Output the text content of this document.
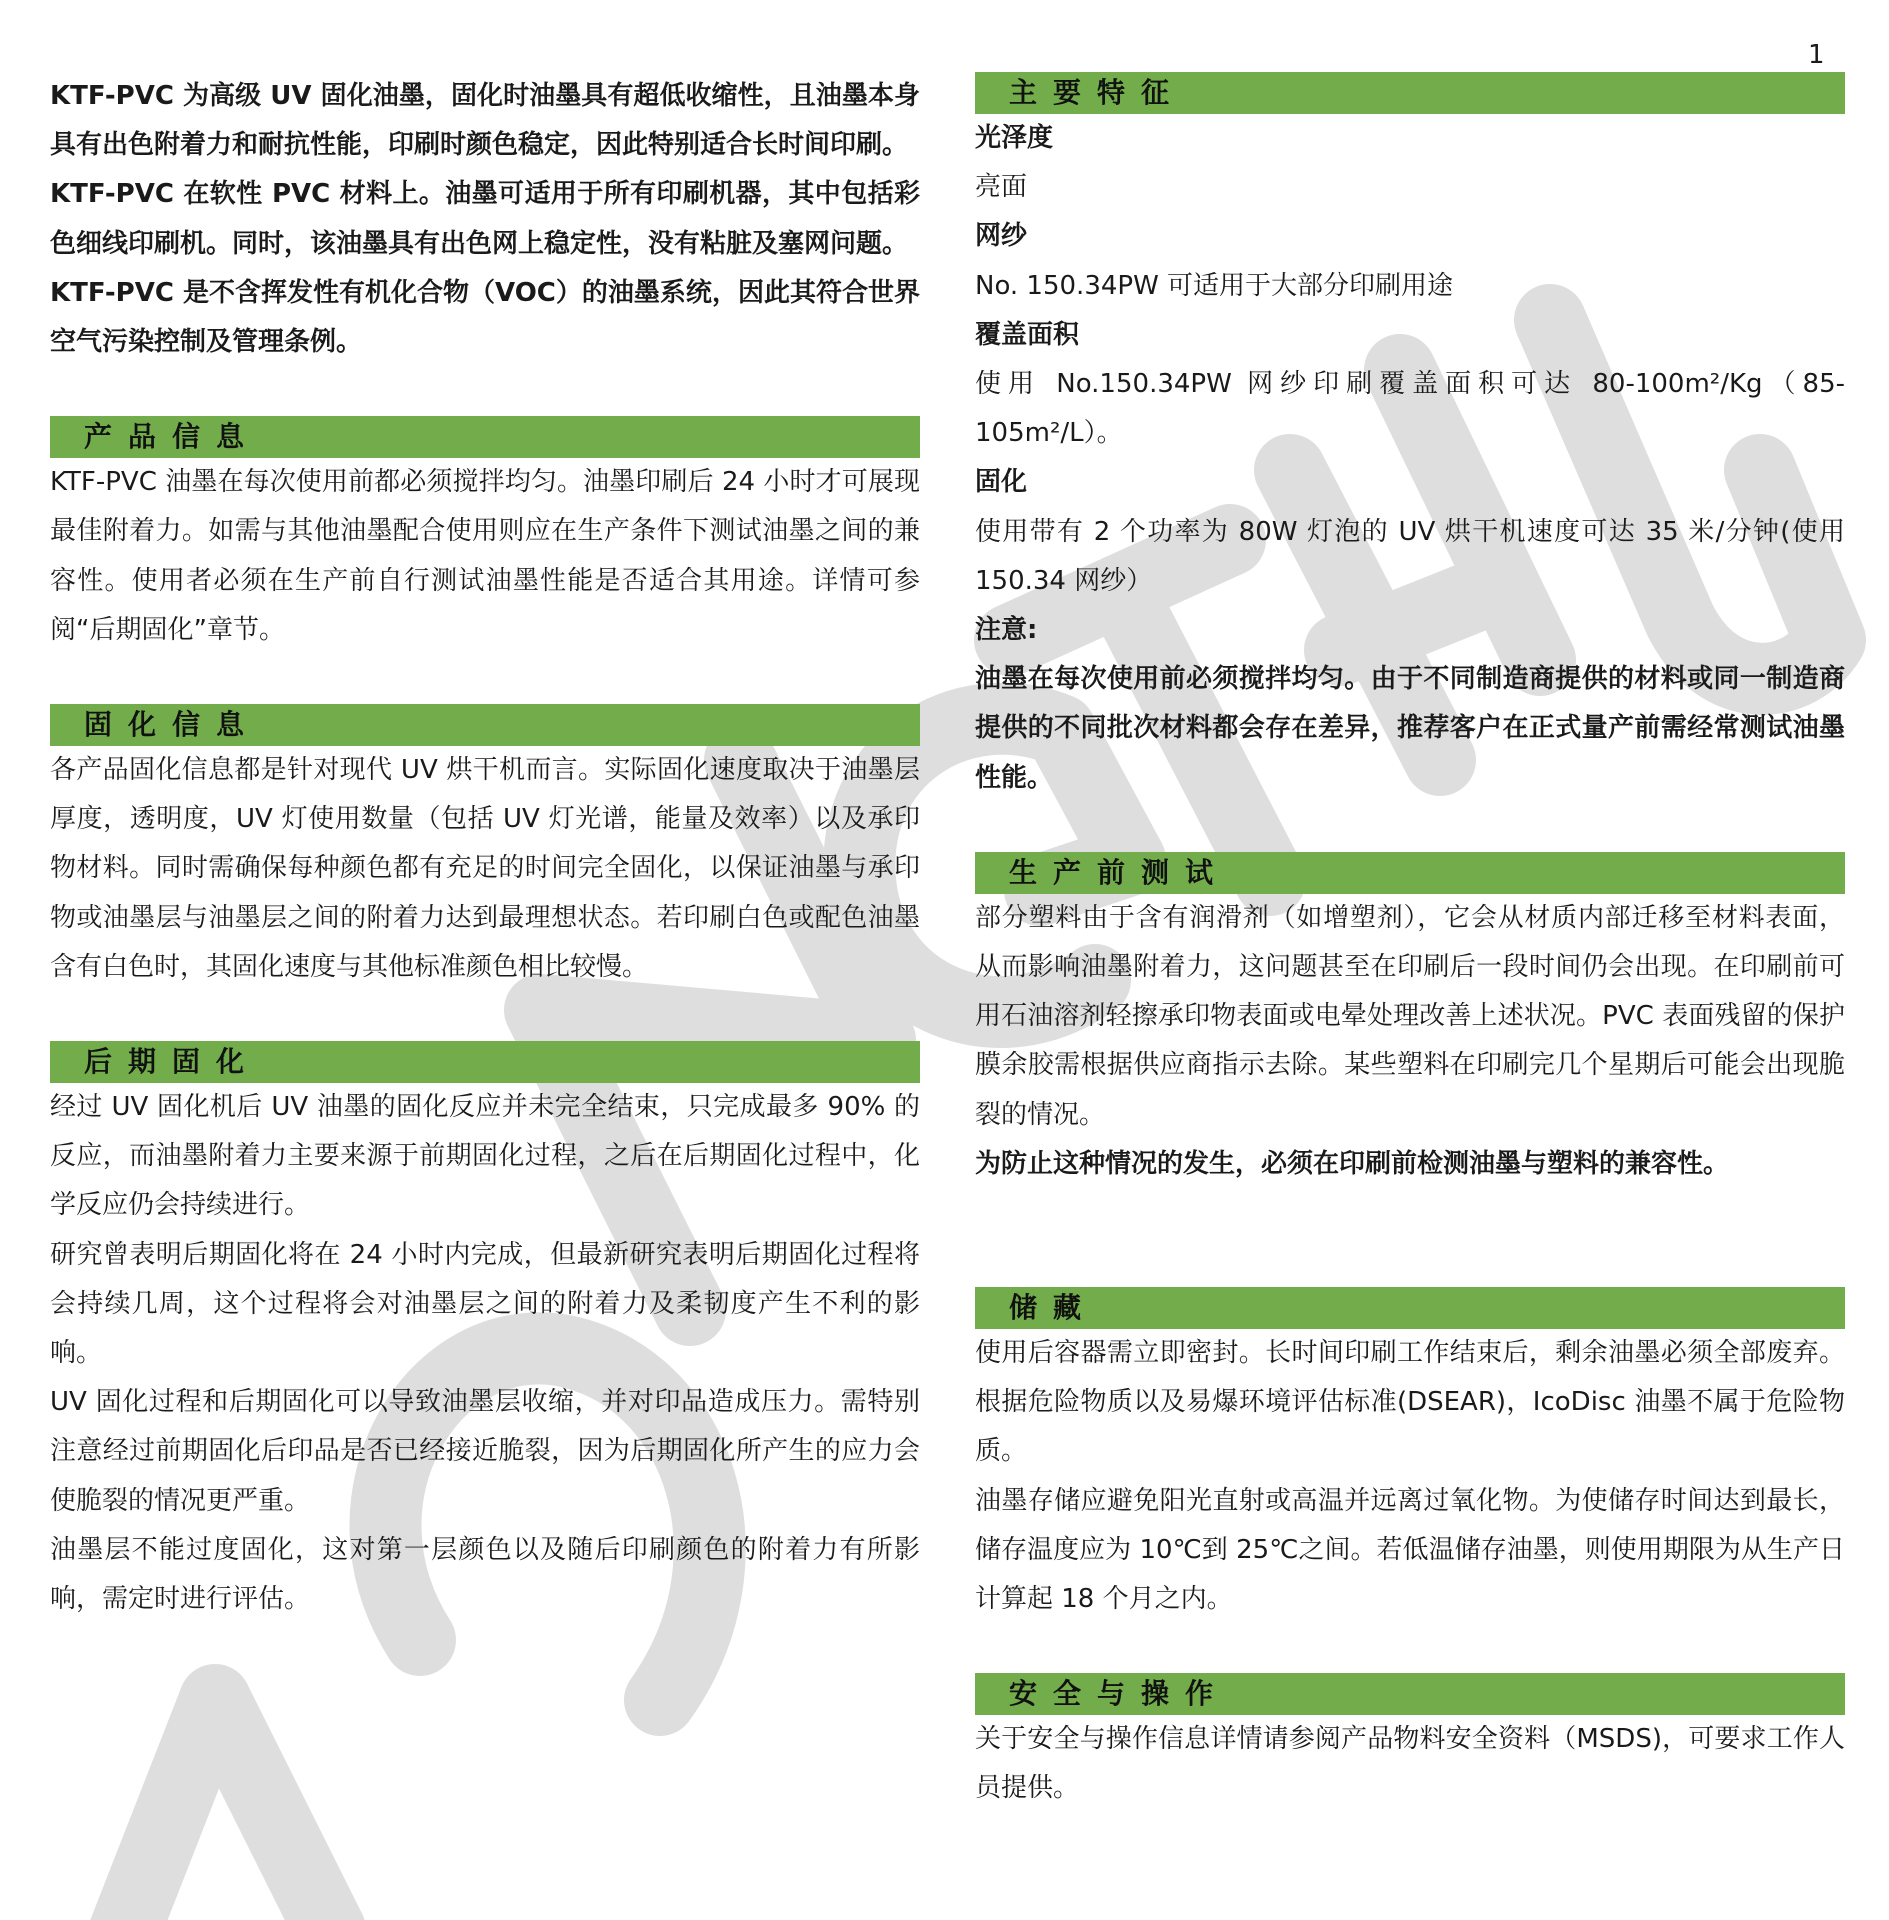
1

KTF-PVC 为高级 UV 固化油墨，固化时油墨具有超低收缩性，且油墨本身具有出色附着力和耐抗性能，印刷时颜色稳定，因此特别适合长时间印刷。

KTF-PVC 在软性 PVC 材料上。油墨可适用于所有印刷机器，其中包括彩色细线印刷机。同时，该油墨具有出色网上稳定性，没有粘脏及塞网问题。

KTF-PVC 是不含挥发性有机化合物（VOC）的油墨系统，因此其符合世界空气污染控制及管理条例。

产品信息

KTF-PVC 油墨在每次使用前都必须搅拌均匀。油墨印刷后 24 小时才可展现最佳附着力。如需与其他油墨配合使用则应在生产条件下测试油墨之间的兼容性。使用者必须在生产前自行测试油墨性能是否适合其用途。详情可参阅“后期固化”章节。

固化信息

各产品固化信息都是针对现代 UV 烘干机而言。实际固化速度取决于油墨层厚度，透明度，UV 灯使用数量（包括 UV 灯光谱，能量及效率）以及承印物材料。同时需确保每种颜色都有充足的时间完全固化，以保证油墨与承印物或油墨层与油墨层之间的附着力达到最理想状态。若印刷白色或配色油墨含有白色时，其固化速度与其他标准颜色相比较慢。

后期固化

经过 UV 固化机后 UV 油墨的固化反应并未完全结束，只完成最多 90% 的反应，而油墨附着力主要来源于前期固化过程，之后在后期固化过程中，化学反应仍会持续进行。

研究曾表明后期固化将在 24 小时内完成，但最新研究表明后期固化过程将会持续几周，这个过程将会对油墨层之间的附着力及柔韧度产生不利的影响。

UV 固化过程和后期固化可以导致油墨层收缩，并对印品造成压力。需特别注意经过前期固化后印品是否已经接近脆裂，因为后期固化所产生的应力会使脆裂的情况更严重。

油墨层不能过度固化，这对第一层颜色以及随后印刷颜色的附着力有所影响，需定时进行评估。

主要特征

光泽度

亮面

网纱

No. 150.34PW 可适用于大部分印刷用途

覆盖面积

使用 No.150.34PW 网纱印刷覆盖面积可达 80-100m²/Kg（85-105m²/L）。

固化

使用带有 2 个功率为 80W 灯泡的 UV 烘干机速度可达 35 米/分钟(使用 150.34 网纱）

注意:

油墨在每次使用前必须搅拌均匀。由于不同制造商提供的材料或同一制造商提供的不同批次材料都会存在差异，推荐客户在正式量产前需经常测试油墨性能。

生产前测试

部分塑料由于含有润滑剂（如增塑剂），它会从材质内部迁移至材料表面，从而影响油墨附着力，这问题甚至在印刷后一段时间仍会出现。在印刷前可用石油溶剂轻擦承印物表面或电晕处理改善上述状况。PVC 表面残留的保护膜余胶需根据供应商指示去除。某些塑料在印刷完几个星期后可能会出现脆裂的情况。

为防止这种情况的发生，必须在印刷前检测油墨与塑料的兼容性。

储藏

使用后容器需立即密封。长时间印刷工作结束后，剩余油墨必须全部废弃。根据危险物质以及易爆环境评估标准(DSEAR)，IcoDisc 油墨不属于危险物质。

油墨存储应避免阳光直射或高温并远离过氧化物。为使储存时间达到最长，储存温度应为 10℃到 25℃之间。若低温储存油墨，则使用期限为从生产日计算起 18 个月之内。

安全与操作

关于安全与操作信息详情请参阅产品物料安全资料（MSDS)，可要求工作人员提供。
